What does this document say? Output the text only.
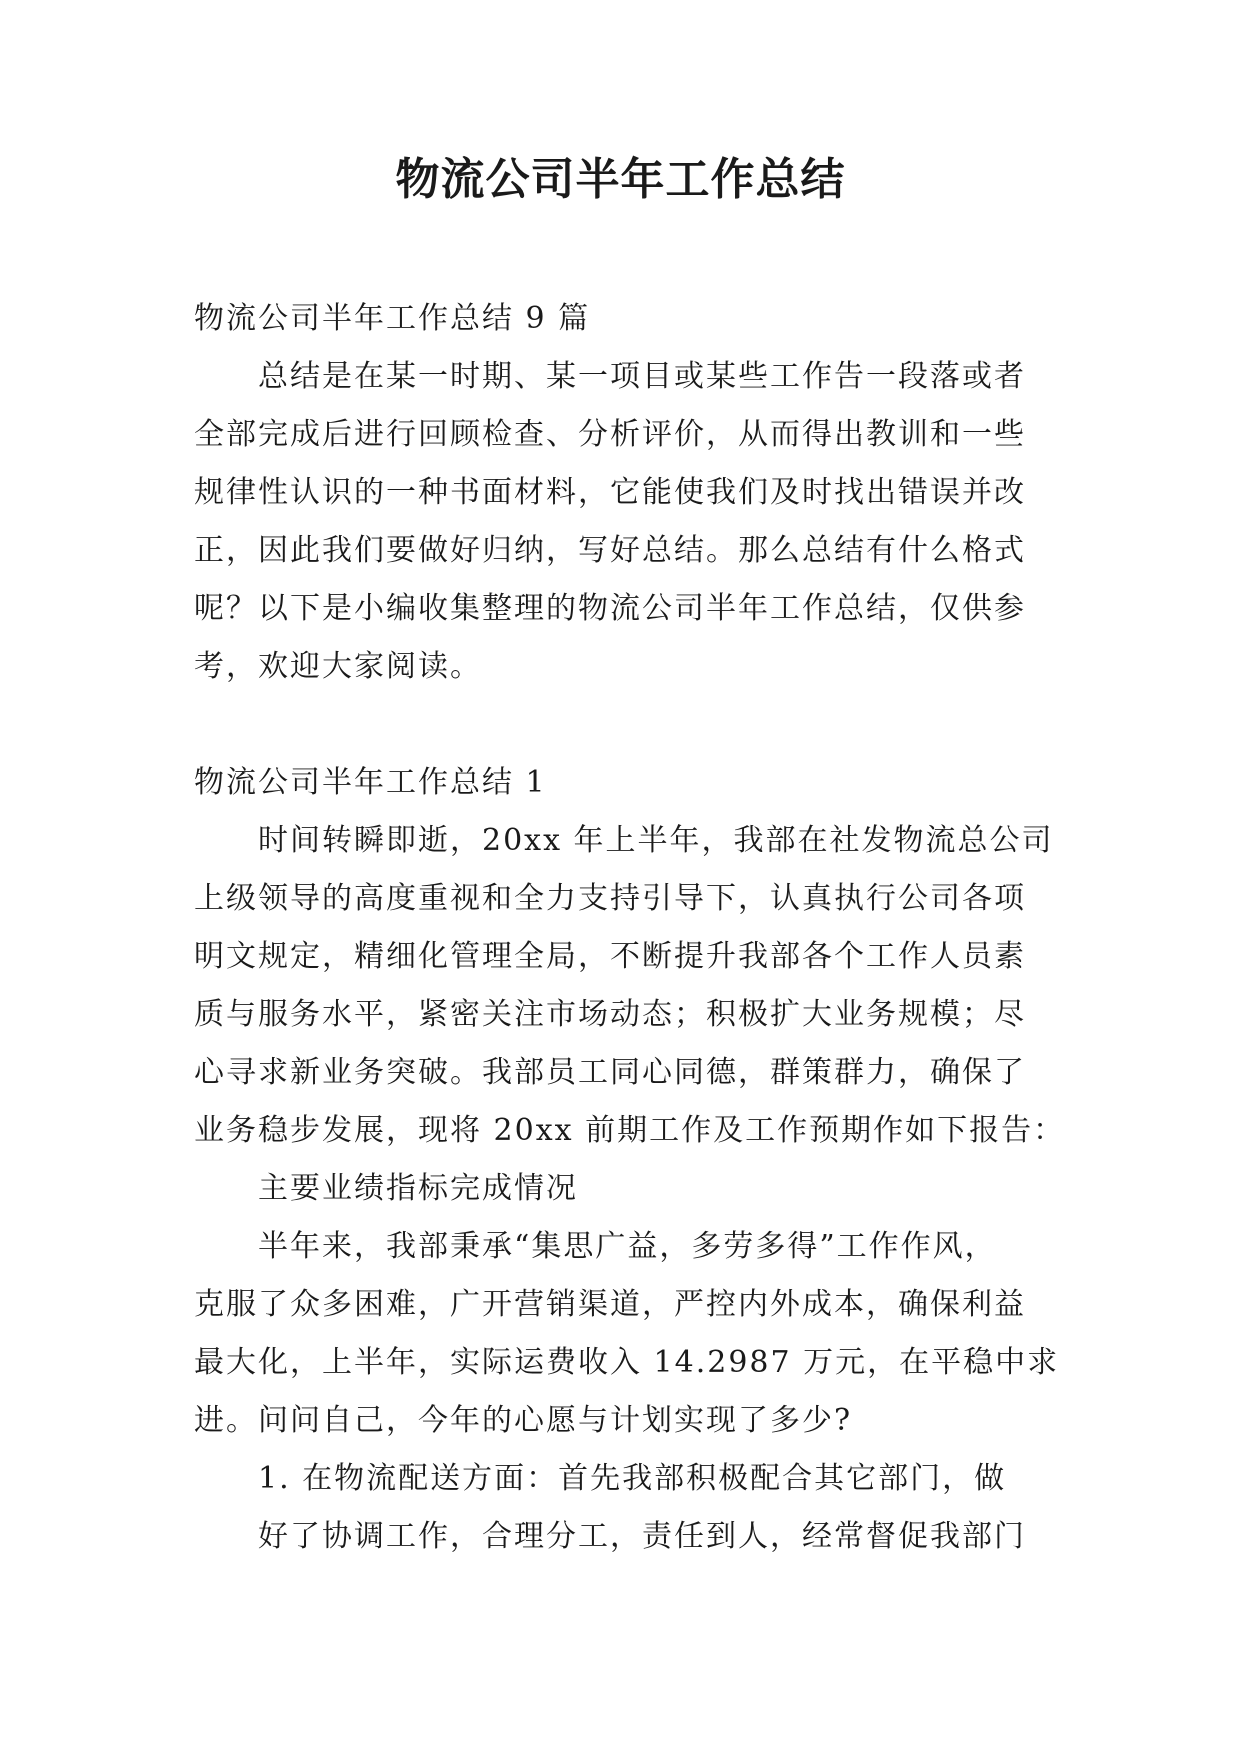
物流公司半年工作总结
物流公司半年工作总结 9 篇
总结是在某一时期、某一项目或某些工作告一段落或者
全部完成后进行回顾检查、分析评价，从而得出教训和一些
规律性认识的一种书面材料，它能使我们及时找出错误并改
正，因此我们要做好归纳，写好总结。那么总结有什么格式
呢？以下是小编收集整理的物流公司半年工作总结，仅供参
考，欢迎大家阅读。
物流公司半年工作总结 1
时间转瞬即逝，20xx 年上半年，我部在社发物流总公司
上级领导的高度重视和全力支持引导下，认真执行公司各项
明文规定，精细化管理全局，不断提升我部各个工作人员素
质与服务水平，紧密关注市场动态；积极扩大业务规模；尽
心寻求新业务突破。我部员工同心同德，群策群力，确保了
业务稳步发展，现将 20xx 前期工作及工作预期作如下报告：
主要业绩指标完成情况
半年来，我部秉承“集思广益，多劳多得”工作作风，
克服了众多困难，广开营销渠道，严控内外成本，确保利益
最大化，上半年，实际运费收入 14.2987 万元，在平稳中求
进。问问自己，今年的心愿与计划实现了多少?
1. 在物流配送方面：首先我部积极配合其它部门，做
好了协调工作，合理分工，责任到人，经常督促我部门
